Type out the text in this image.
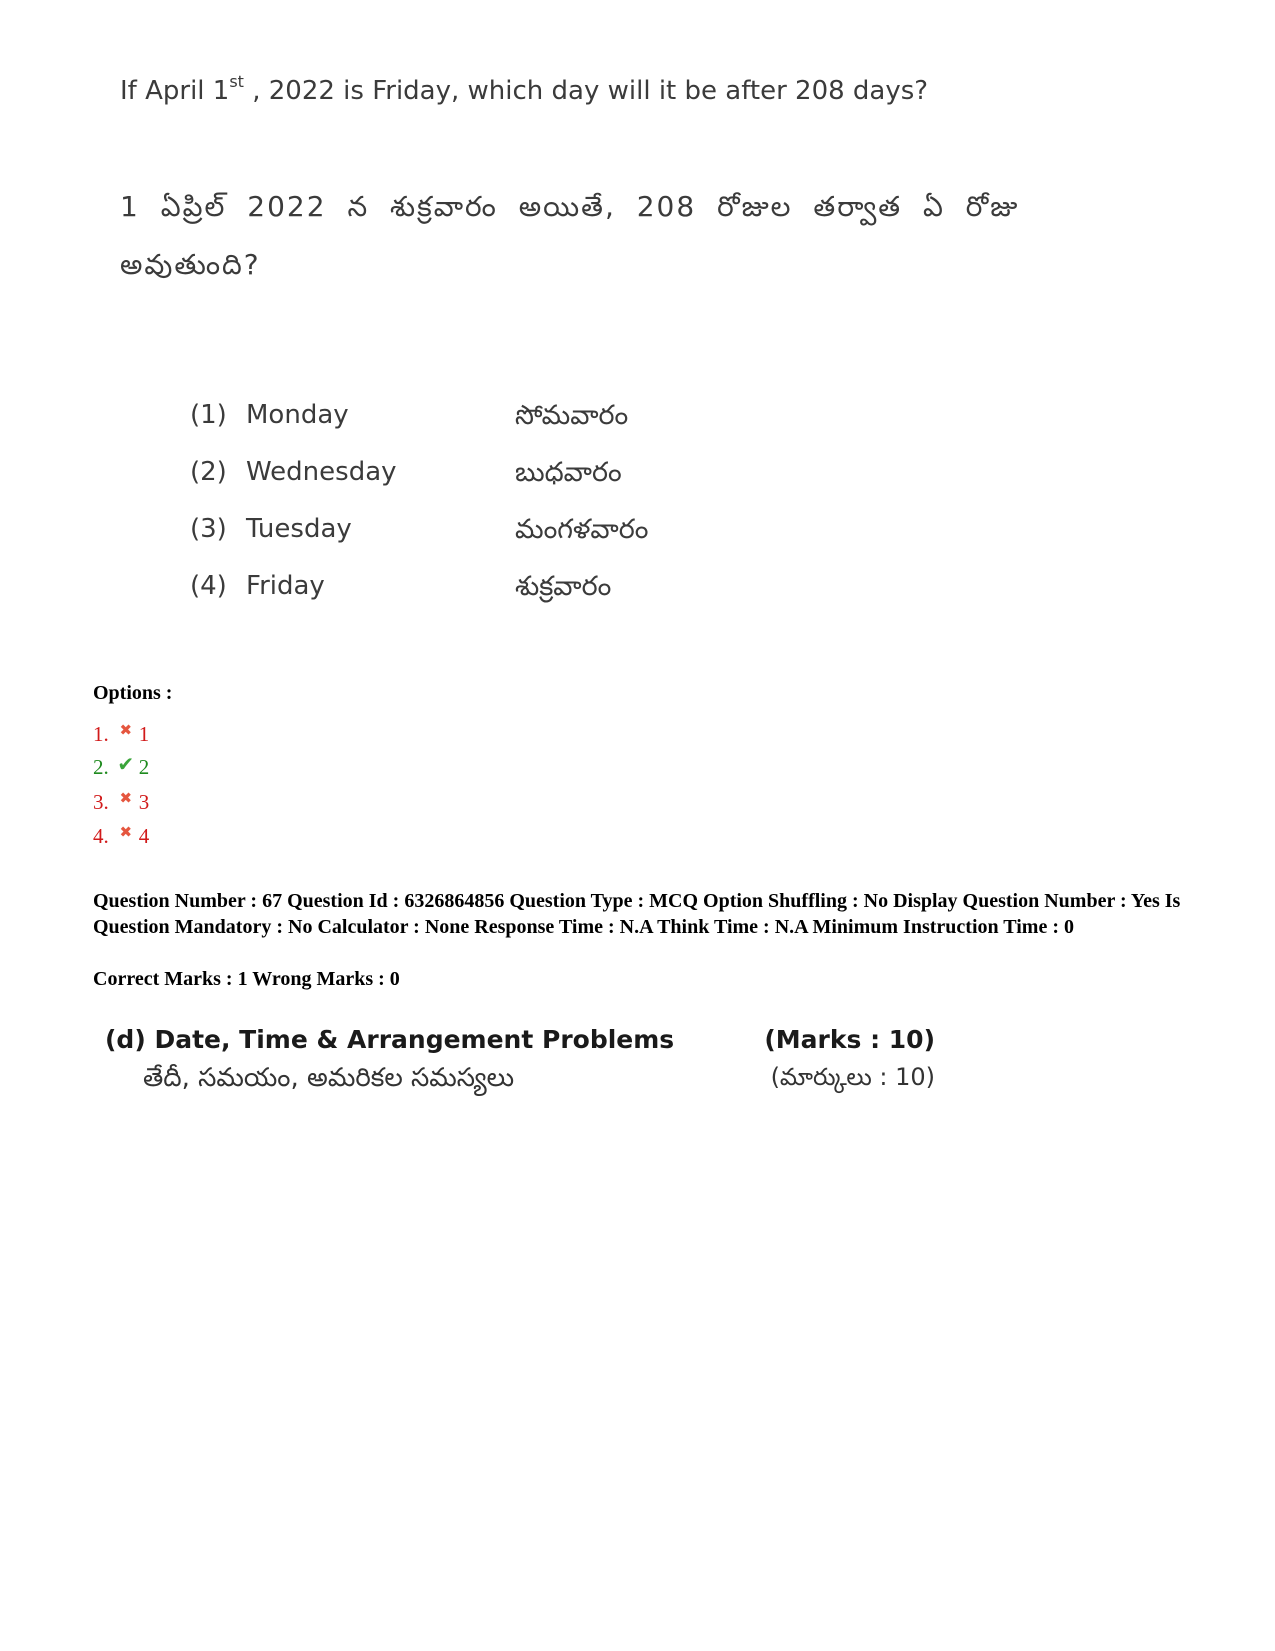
If April 1st , 2022 is Friday, which day will it be after 208 days?
1 ఏప్రిల్ 2022 న శుక్రవారం అయితే, 208 రోజుల తర్వాత ఏ రోజు అవుతుంది?
(1) Monday	సోమవారం
(2) Wednesday	బుధవారం
(3) Tuesday	మంగళవారం
(4) Friday	శుక్రవారం
Options :
1. ✖ 1
2. ✔ 2
3. ✖ 3
4. ✖ 4
Question Number : 67 Question Id : 6326864856 Question Type : MCQ Option Shuffling : No Display Question Number : Yes Is Question Mandatory : No Calculator : None Response Time : N.A Think Time : N.A Minimum Instruction Time : 0
Correct Marks : 1 Wrong Marks : 0
(d) Date, Time & Arrangement Problems	(Marks : 10)
తేదీ, సమయం, అమరికల సమస్యలు	(మార్కులు : 10)
